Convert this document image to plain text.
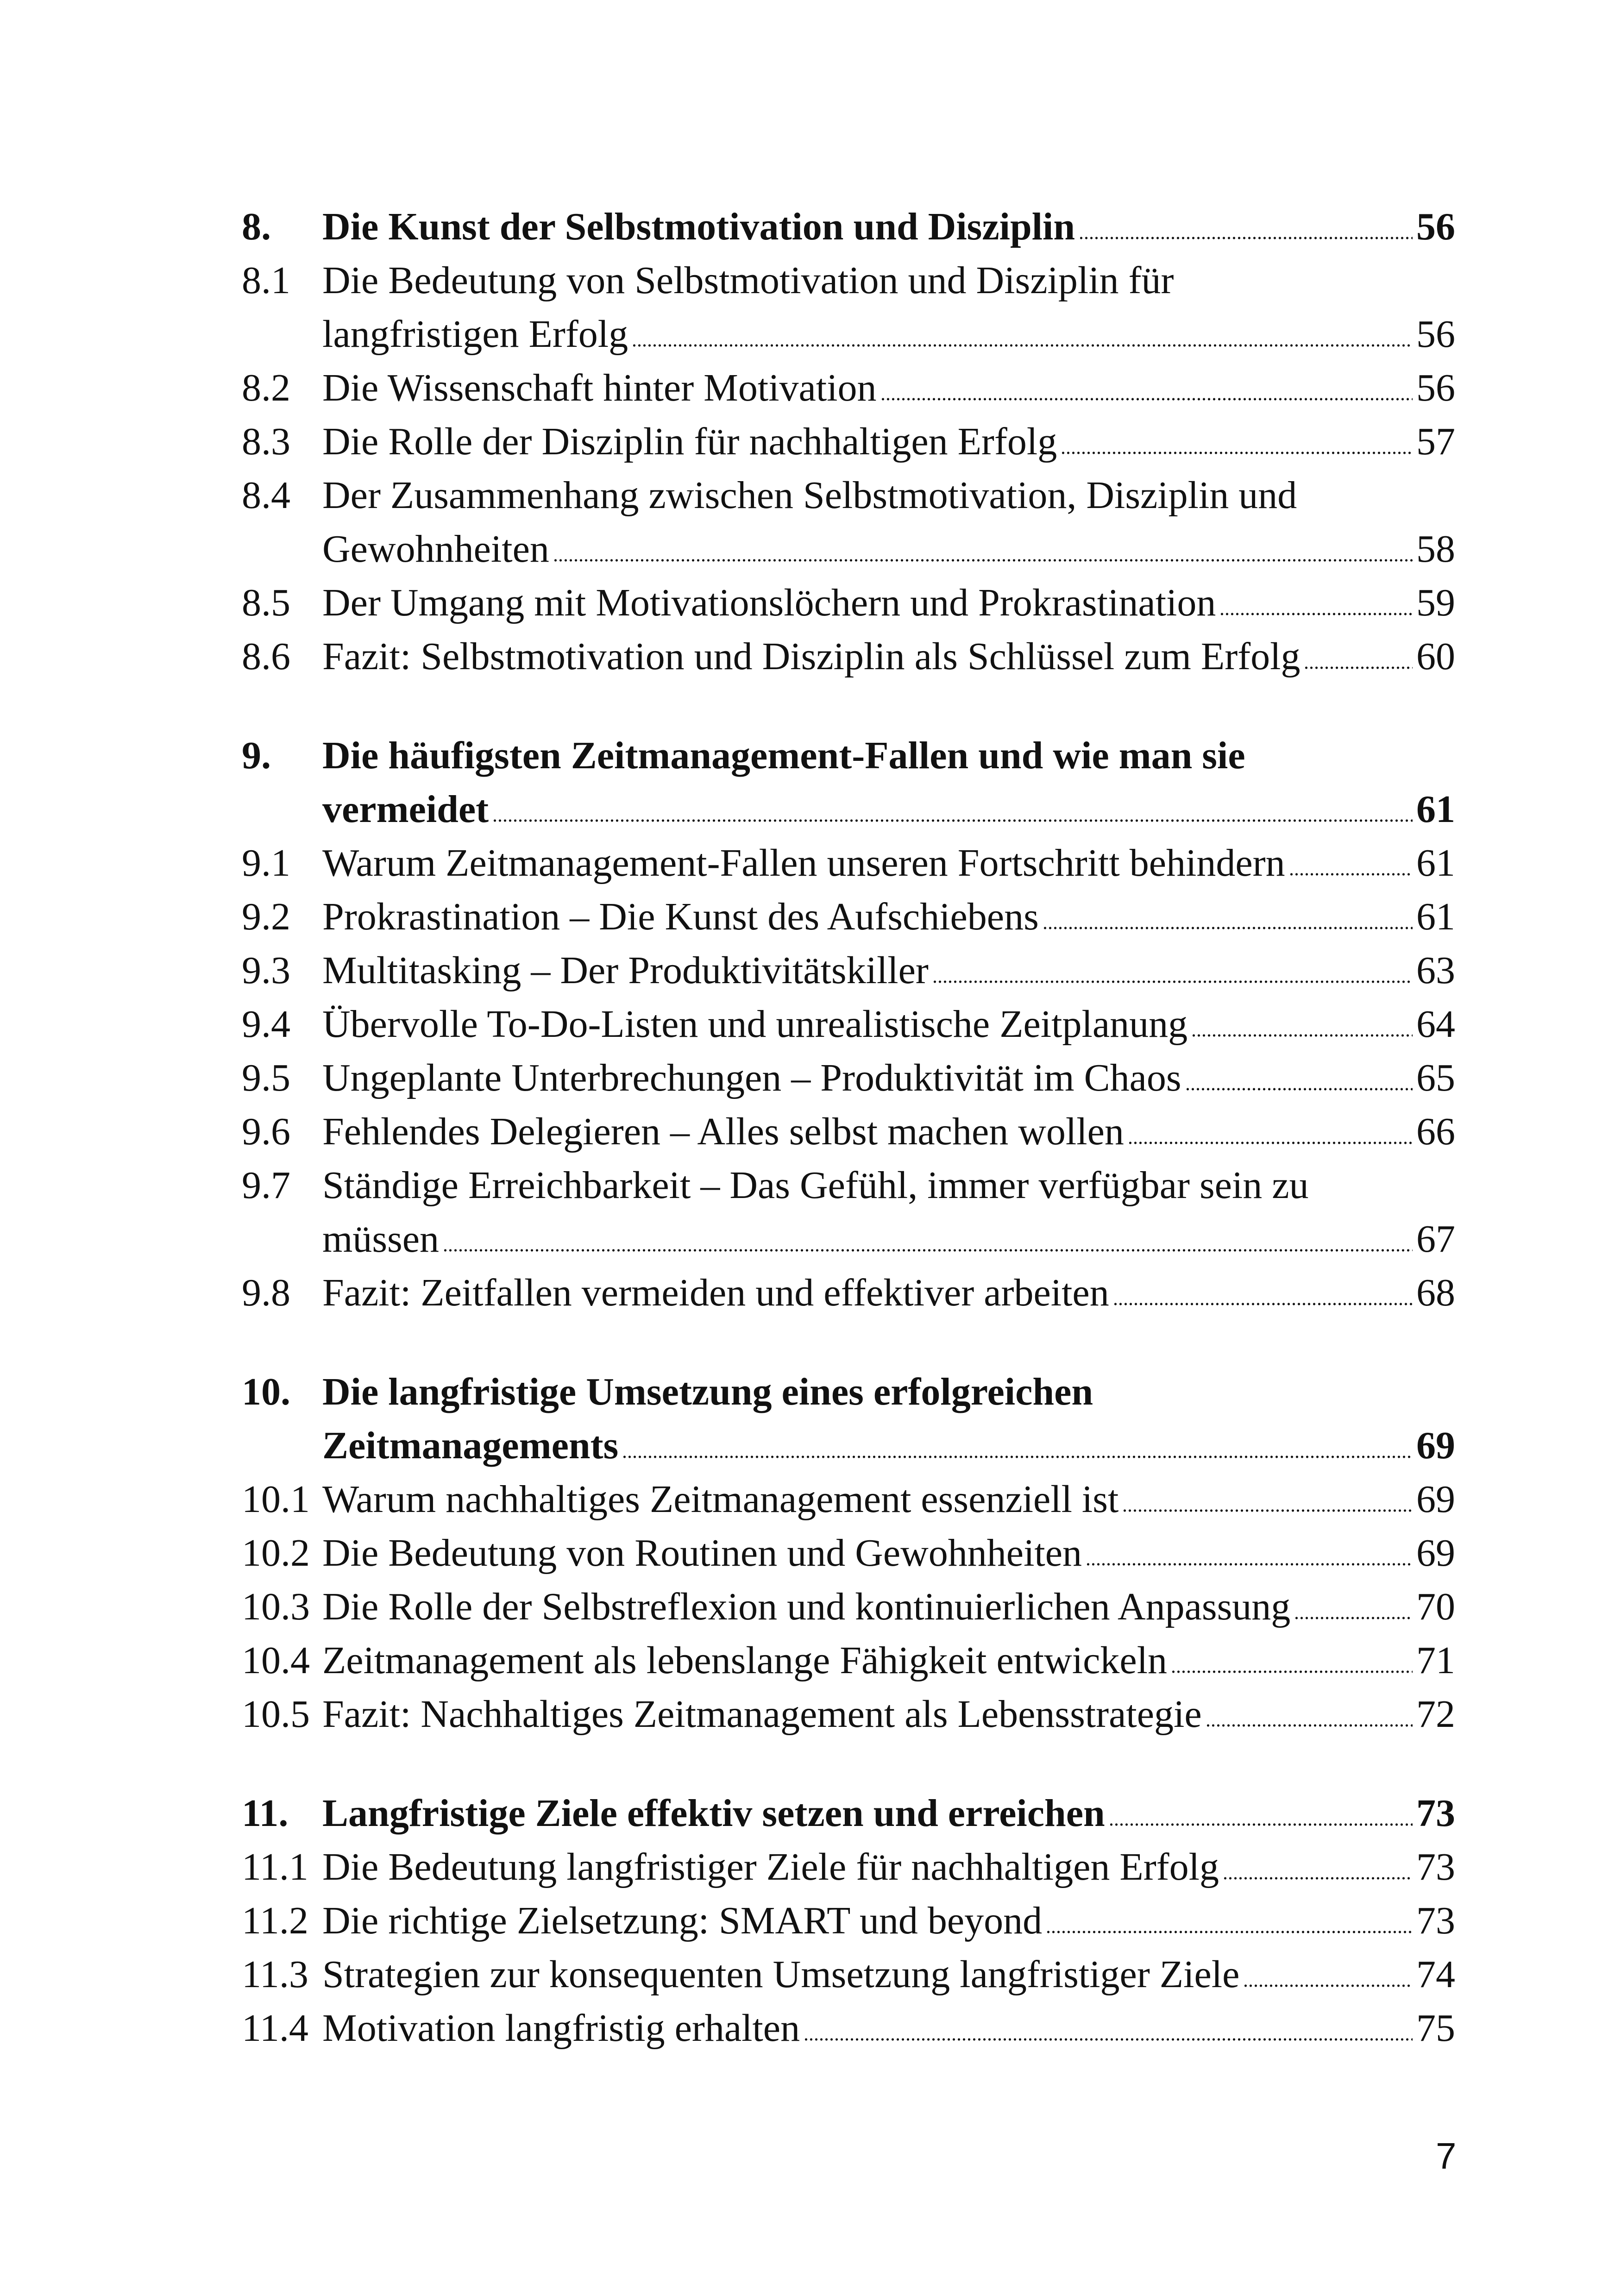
8.	Die Kunst der Selbstmotivation und Disziplin	56
8.1 Die Bedeutung von Selbstmotivation und Disziplin für
langfristigen Erfolg	56
8.2 Die Wissenschaft hinter Motivation	56
8.3 Die Rolle der Disziplin für nachhaltigen Erfolg	57
8.4 Der Zusammenhang zwischen Selbstmotivation, Disziplin und
Gewohnheiten	58
8.5 Der Umgang mit Motivationslöchern und Prokrastination	59
8.6 Fazit: Selbstmotivation und Disziplin als Schlüssel zum Erfolg	60
9.	Die häufigsten Zeitmanagement-Fallen und wie man sie
vermeidet	61
9.1 Warum Zeitmanagement-Fallen unseren Fortschritt behindern	61
9.2 Prokrastination – Die Kunst des Aufschiebens	61
9.3 Multitasking – Der Produktivitätskiller	63
9.4 Übervolle To-Do-Listen und unrealistische Zeitplanung	64
9.5 Ungeplante Unterbrechungen – Produktivität im Chaos	65
9.6 Fehlendes Delegieren – Alles selbst machen wollen	66
9.7 Ständige Erreichbarkeit – Das Gefühl, immer verfügbar sein zu
müssen	67
9.8 Fazit: Zeitfallen vermeiden und effektiver arbeiten	68
10. Die langfristige Umsetzung eines erfolgreichen
Zeitmanagements	69
10.1 Warum nachhaltiges Zeitmanagement essenziell ist	69
10.2 Die Bedeutung von Routinen und Gewohnheiten	69
10.3 Die Rolle der Selbstreflexion und kontinuierlichen Anpassung	70
10.4 Zeitmanagement als lebenslange Fähigkeit entwickeln	71
10.5 Fazit: Nachhaltiges Zeitmanagement als Lebensstrategie	72
11. Langfristige Ziele effektiv setzen und erreichen	73
11.1 Die Bedeutung langfristiger Ziele für nachhaltigen Erfolg	73
11.2 Die richtige Zielsetzung: SMART und beyond	73
11.3 Strategien zur konsequenten Umsetzung langfristiger Ziele	74
11.4 Motivation langfristig erhalten	75
7
